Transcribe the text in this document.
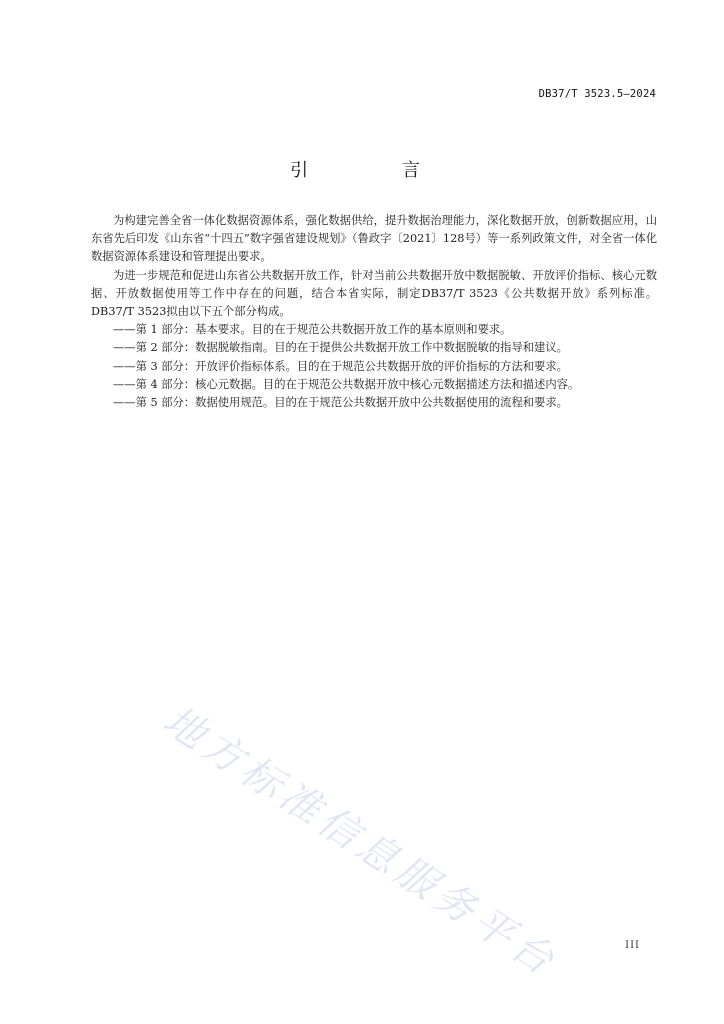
DB37/T 3523.5—2024
引 言

为构建完善全省一体化数据资源体系，强化数据供给，提升数据治理能力，深化数据开放，创新数据应用，山东省先后印发《山东省“十四五”数字强省建设规划》（鲁政字〔2021〕128号）等一系列政策文件，对全省一体化数据资源体系建设和管理提出要求。

为进一步规范和促进山东省公共数据开放工作，针对当前公共数据开放中数据脱敏、开放评价指标、核心元数据、开放数据使用等工作中存在的问题，结合本省实际，制定DB37/T 3523《公共数据开放》系列标准。DB37/T 3523拟由以下五个部分构成。

——第 1 部分：基本要求。目的在于规范公共数据开放工作的基本原则和要求。

——第 2 部分：数据脱敏指南。目的在于提供公共数据开放工作中数据脱敏的指导和建议。

——第 3 部分：开放评价指标体系。目的在于规范公共数据开放的评价指标的方法和要求。

——第 4 部分：核心元数据。目的在于规范公共数据开放中核心元数据描述方法和描述内容。

——第 5 部分：数据使用规范。目的在于规范公共数据开放中公共数据使用的流程和要求。

地方标准信息服务平台	III
